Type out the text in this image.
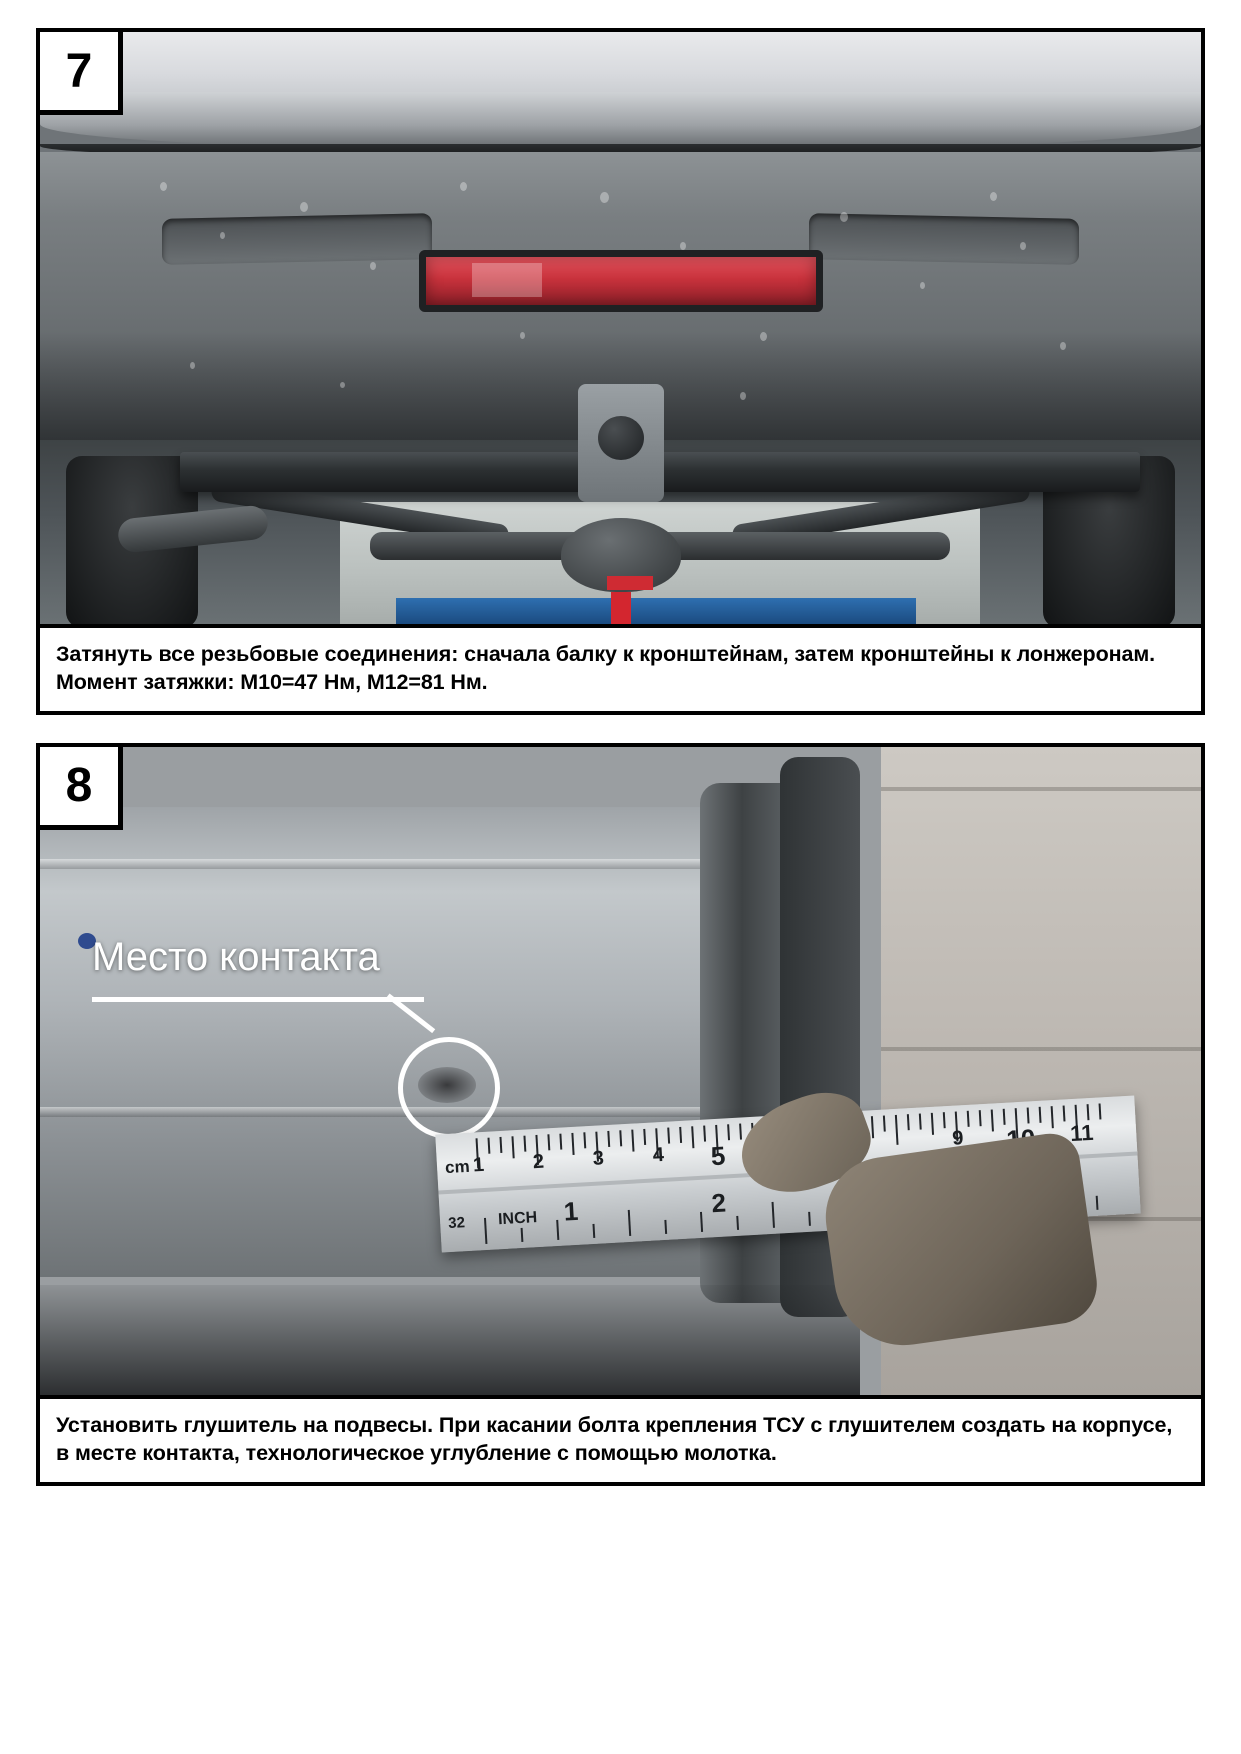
7
Затянуть все резьбовые соединения: сначала балку к кронштейнам, затем кронштейны к лонжеронам. Момент затяжки: M10=47 Нм, M12=81 Нм.
8
Место контакта
cm 1 2 3 4 5
9	11
32 INCH 1	2
Установить глушитель на подвесы. При касании болта крепления ТСУ с глушителем создать на корпусе, в месте контакта, технологическое углубление с помощью молотка.
